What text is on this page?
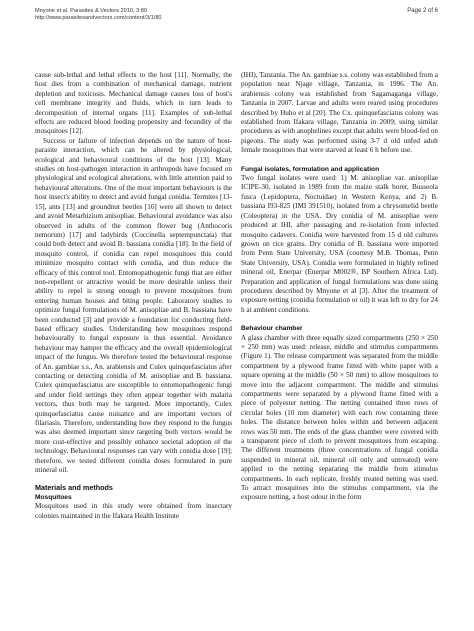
Mnyone et al. Parasites & Vectors 2010, 3:80
http://www.parasitesandvectors.com/content/3/1/80
Page 2 of 6

cause sub-lethal and lethal effects to the host [11]. Normally, the host dies from a combination of mechanical damage, nutrient depletion and toxicosis. Mechanical damage causes loss of host's cell membrane integrity and fluids, which in turn leads to decomposition of internal organs [11]. Examples of sub-lethal effects are reduced blood feeding propensity and fecundity of the mosquitoes [12].

Success or failure of infection depends on the nature of host-parasite interaction, which can be altered by physiological, ecological and behavioural conditions of the host [13]. Many studies on host-pathogen interaction in arthropods have focused on physiological and ecological alterations, with little attention paid to behavioural alterations. One of the most important behaviours is the host insect's ability to detect and avoid fungal conidia. Termites [13-15], ants [13] and groundnut beetles [16] were all shown to detect and avoid Metarhizium anisopliae. Behavioural avoidance was also observed in adults of the common flower bug (Anthocoris nemorum) [17] and ladybirds (Coccinella septempunctata) that could both detect and avoid B. bassiana conidia [18]. In the field of mosquito control, if conidia can repel mosquitoes this could minimize mosquito contact with conidia, and thus reduce the efficacy of this control tool. Entomopathogenic fungi that are either non-repellent or attractive would be more desirable unless their ability to repel is strong enough to prevent mosquitoes from entering human houses and biting people. Laboratory studies to optimize fungal formulations of M. anisopliae and B. bassiana have been conducted [3] and provide a foundation for conducting field-based efficacy studies. Understanding how mosquitoes respond behaviourally to fungal exposure is thus essential. Avoidance behaviour may hamper the efficacy and the overall epidemiological impact of the fungus. We therefore tested the behavioural response of An. gambiae s.s., An. arabiensis and Culex quinquefasciatus after contacting or detecting conidia of M. anisopliae and B. bassiana. Culex quinquefasciatus are susceptible to entomopathogenic fungi and under field settings they often appear together with malaria vectors, thus both may be targeted. More importantly, Culex quinquefasciatus cause nuisance and are important vectors of filariasis. Therefore, understanding how they respond to the fungus was also deemed important since targeting both vectors would be more cost-effective and possibly enhance societal adoption of the technology. Behavioural responses can vary with conidia dose [19]; therefore, we tested different conidia doses formulated in pure mineral oil.

Materials and methods
Mosquitoes

Mosquitoes used in this study were obtained from insectary colonies maintained in the Ifakara Health Institute

(IHI), Tanzania. The An. gambiae s.s. colony was established from a population near Njage village, Tanzania, in 1996. The An. arabiensis colony was established from Sagamaganga village, Tanzania in 2007. Larvae and adults were reared using procedures described by Huho et al [20]. The Cx. quinquefasciatus colony was established from Ifakara village, Tanzania in 2009; using similar procedures as with anophelines except that adults were blood-fed on pigeons. The study was performed using 3-7 d old unfed adult female mosquitoes that were starved at least 6 h before use.

Fungal isolates, formulation and application

Two fungal isolates were used: 1) M. anisopliae var. anisopliae ICIPE-30, isolated in 1989 from the maize stalk borer, Busseola fusca (Lepidoptera, Noctuidae) in Western Kenya, and 2) B. bassiana I93-825 (IMI 391510), isolated from a chrysomelid beetle (Coleoptera) in the USA. Dry conidia of M. anisopliae were produced at IHI, after passaging and re-isolation from infected mosquito cadavers. Conidia were harvested from 15 d old cultures grown on rice grains. Dry conidia of B. bassiana were imported from Penn State University, USA (courtesy M.B. Thomas, Penn State University, USA). Conidia were formulated in highly refined mineral oil, Enerpar (Enerpar M002®, BP Southern Africa Ltd). Preparation and application of fungal formulations was done using procedures described by Mnyone et al [3]. After the treatment of exposure netting (conidia formulation or oil) it was left to dry for 24 h at ambient conditions.

Behaviour chamber

A glass chamber with three equally sized compartments (250 × 250 × 250 mm) was used: release, middle and stimulus compartments (Figure 1). The release compartment was separated from the middle compartment by a plywood frame fitted with white paper with a square opening at the middle (50 × 50 mm) to allow mosquitoes to move into the adjacent compartment. The middle and stimulus compartments were separated by a plywood frame fitted with a piece of polyester netting. The netting contained three rows of circular holes (10 mm diameter) with each row containing three holes. The distance between holes within and between adjacent rows was 50 mm. The ends of the glass chamber were covered with a transparent piece of cloth to prevent mosquitoes from escaping. The different treatments (three concentrations of fungal conidia suspended in mineral oil, mineral oil only and untreated) were applied to the netting separating the middle from stimulus compartments. In each replicate, freshly treated netting was used. To attract mosquitoes into the stimulus compartment, via the exposure netting, a host odour in the form
